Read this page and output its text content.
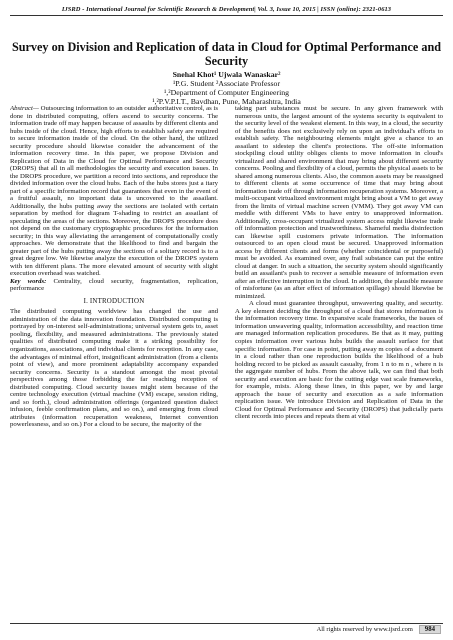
IJSRD - International Journal for Scientific Research & Development| Vol. 3, Issue 10, 2015 | ISSN (online): 2321-0613
Survey on Division and Replication of data in Cloud for Optimal Performance and Security
Snehal Khot¹ Ujwala Wanaskar²
¹P.G. Student ²Associate Professor
¹,²Department of Computer Engineering
¹,²P.V.P.I.T., Bavdhan, Pune, Maharashtra, India

Abstract— Outsourcing information to an outsider authoritative control, as is done in distributed computing, offers ascend to security concerns. The information trade off may happen because of assaults by different clients and hubs inside of the cloud. Hence, high efforts to establish safety are required to secure information inside of the cloud. On the other hand, the utilized security procedure should likewise consider the advancement of the information recovery time. In this paper, we propose Division and Replication of Data in the Cloud for Optimal Performance and Security (DROPS) that all in all methodologies the security and execution issues. In the DROPS procedure, we partition a record into sections, and reproduce the divided information over the cloud hubs. Each of the hubs stores just a itary part of a specific information record that guarantees that even in the event of a fruitful assault, no important data is uncovered to the assailant. Additionally, the hubs putting away the sections are isolated with certain separation by method for diagram T-shading to restrict an assailant of speculating the areas of the sections. Moreover, the DROPS procedure does not depend on the customary cryptographic procedures for the information security; in this way alleviating the arrangement of computationally costly approaches. We demonstrate that the likelihood to find and bargain the greater part of the hubs putting away the sections of a solitary record is to a great degree low. We likewise analyze the execution of the DROPS system with ten different plans. The more elevated amount of security with slight execution overhead was watched.

Key words: Centrality, cloud security, fragmentation, replication, performance

I. INTRODUCTION

The distributed computing worldview has changed the use and administration of the data innovation foundation. Distributed computing is portrayed by on-interest self-administrations; universal system gets to, asset pooling, flexibility, and measured administrations. The previously stated qualities of distributed computing make it a striking possibility for organizations, associations, and individual clients for reception. In any case, the advantages of minimal effort, insignificant administration (from a clients point of view), and more prominent adaptability accompany expanded security concerns. Security is a standout amongst the most pivotal perspectives among those forbidding the far reaching reception of distributed computing. Cloud security issues might stem because of the centre technology execution (virtual machine (VM) escape, session riding, and so forth.), cloud administration offerings (organized question dialect infusion, feeble confirmation plans, and so on.), and emerging from cloud attributes (information recuperation weakness, Internet convention powerlessness, and so on.) For a cloud to be secure, the majority of the

taking part substances must be secure. In any given framework with numerous units, the largest amount of the systems security is equivalent to the security level of the weakest element. In this way, in a cloud, the security of the benefits does not exclusively rely on upon an individual's efforts to establish safety. The neighbouring elements might give a chance to an assailant to sidestep the client's protections. The off-site information stockpiling cloud utility obliges clients to move information in cloud's virtualized and shared environment that may bring about different security concerns. Pooling and flexibility of a cloud, permits the physical assets to be shared among numerous clients. Also, the common assets may be reassigned to different clients at some occurrence of time that may bring about information trade off through information recuperation systems. Moreover, a multi-occupant virtualized environment might bring about a VM to get away from the limits of virtual machine screen (VMM). They got away VM can meddle with different VMs to have entry to unapproved information. Additionally, cross-occupant virtualized system access might likewise trade off information protection and trustworthiness. Shameful media disinfection can likewise spill customers private information. The information outsourced to an open cloud must be secured. Unapproved information access by different clients and forms (whether coincidental or purposeful) must be avoided. As examined over, any frail substance can put the entire cloud at danger. In such a situation, the security system should significantly build an assailant's push to recover a sensible measure of information even after an effective interruption in the cloud. In addition, the plausible measure of misfortune (as an after effect of information spillage) should likewise be minimized.

A cloud must guarantee throughput, unwavering quality, and security. A key element deciding the throughput of a cloud that stores information is the information recovery time. In expansive scale frameworks, the issues of information unwavering quality, information accessibility, and reaction time are managed information replication procedures. Be that as it may, putting copies information over various hubs builds the assault surface for that specific information. For case in point, putting away m copies of a document in a cloud rather than one reproduction builds the likelihood of a hub holding record to be picked as assault casualty, from 1 n to m n , where n is the aggregate number of hubs. From the above talk, we can find that both security and execution are basic for the cutting edge vast scale frameworks, for example, mists. Along these lines, in this paper, we by and large approach the issue of security and execution as a safe information replication issue. We introduce Division and Replication of Data in the Cloud for Optimal Performance and Security (DROPS) that judicially parts client records into pieces and repeats them at vital

All rights reserved by www.ijsrd.com 984
